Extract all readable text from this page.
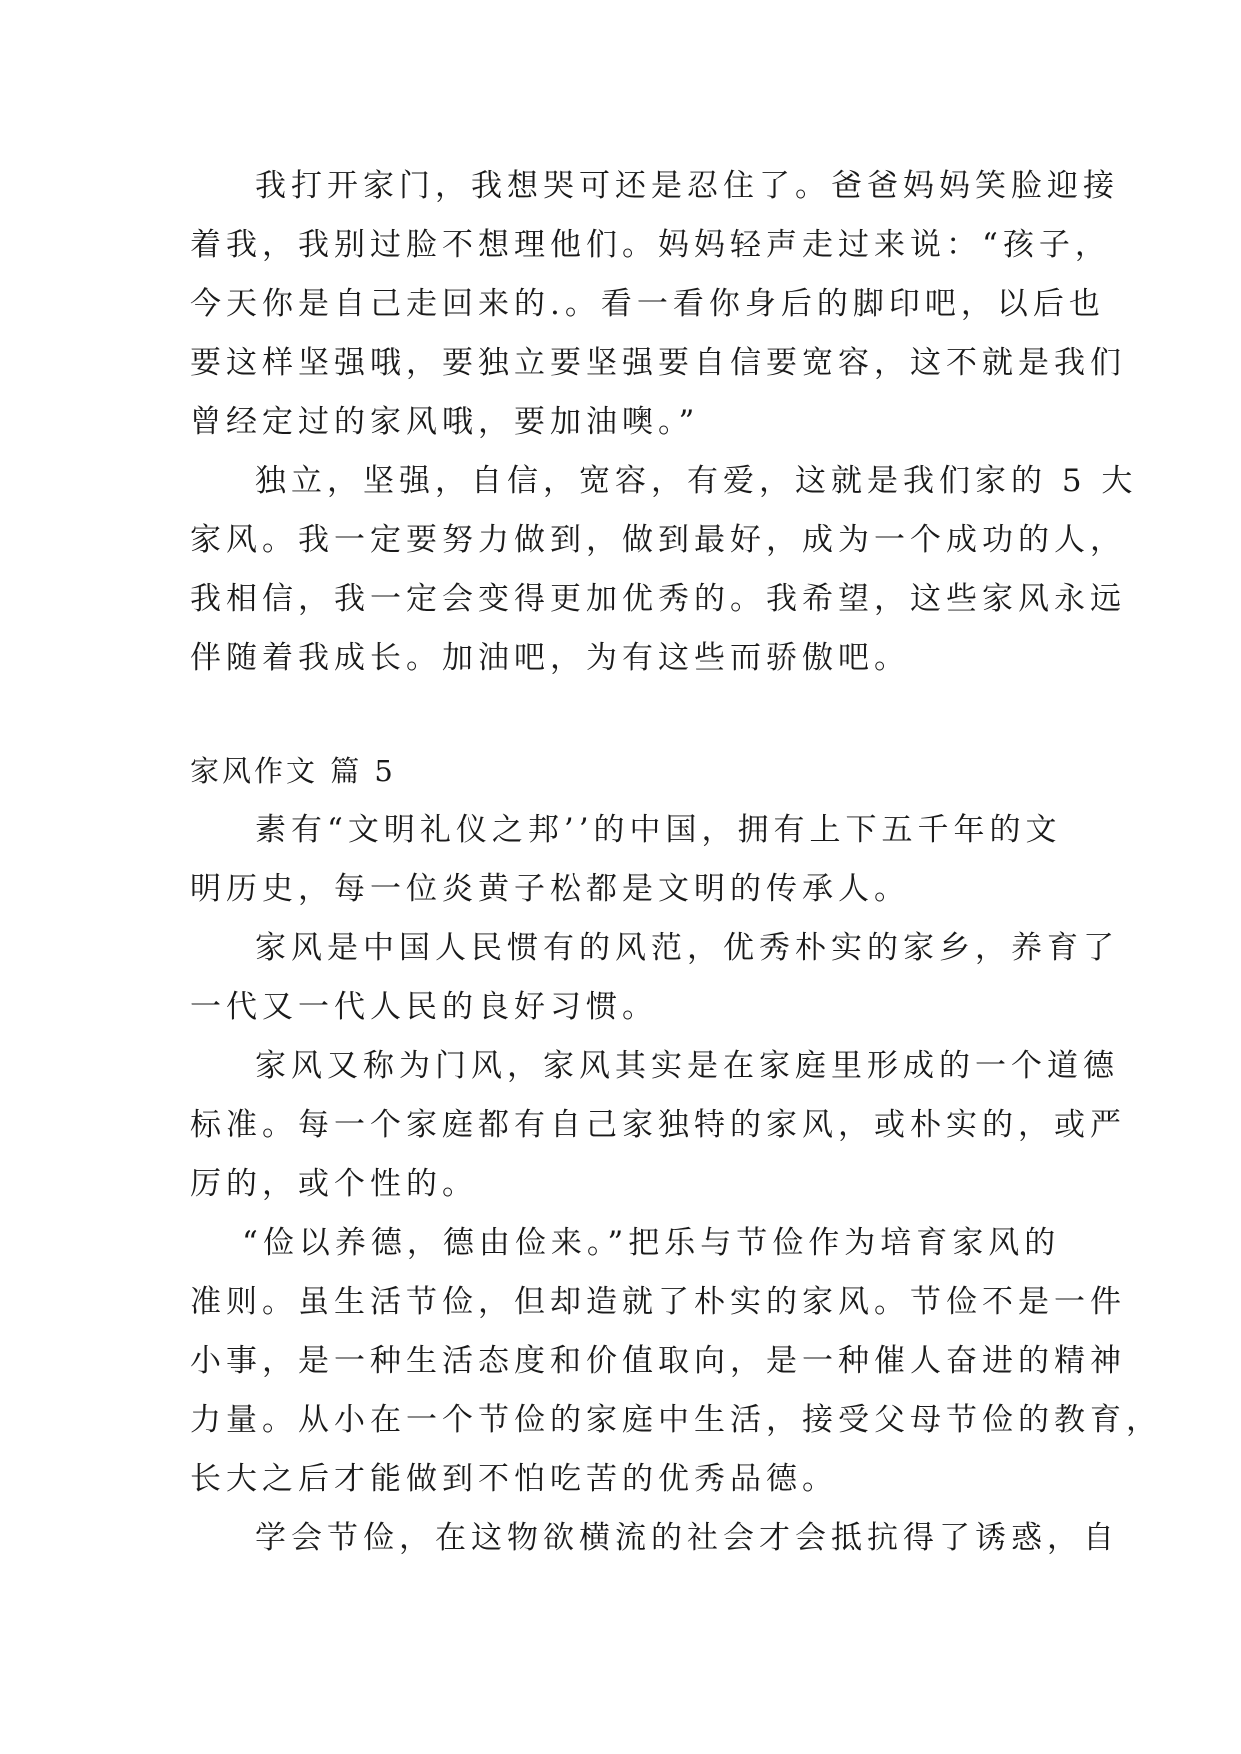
我打开家门，我想哭可还是忍住了。爸爸妈妈笑脸迎接
着我，我别过脸不想理他们。妈妈轻声走过来说：“孩子，
今天你是自己走回来的.。看一看你身后的脚印吧，以后也
要这样坚强哦，要独立要坚强要自信要宽容，这不就是我们
曾经定过的家风哦，要加油噢。”
独立，坚强，自信，宽容，有爱，这就是我们家的 5 大
家风。我一定要努力做到，做到最好，成为一个成功的人，
我相信，我一定会变得更加优秀的。我希望，这些家风永远
伴随着我成长。加油吧，为有这些而骄傲吧。
家风作文 篇 5
素有“文明礼仪之邦’’的中国，拥有上下五千年的文
明历史，每一位炎黄子松都是文明的传承人。
家风是中国人民惯有的风范，优秀朴实的家乡，养育了
一代又一代人民的良好习惯。
家风又称为门风，家风其实是在家庭里形成的一个道德
标准。每一个家庭都有自己家独特的家风，或朴实的，或严
厉的，或个性的。
“俭以养德，德由俭来。”把乐与节俭作为培育家风的
准则。虽生活节俭，但却造就了朴实的家风。节俭不是一件
小事，是一种生活态度和价值取向，是一种催人奋进的精神
力量。从小在一个节俭的家庭中生活，接受父母节俭的教育，
长大之后才能做到不怕吃苦的优秀品德。
学会节俭，在这物欲横流的社会才会抵抗得了诱惑，自
